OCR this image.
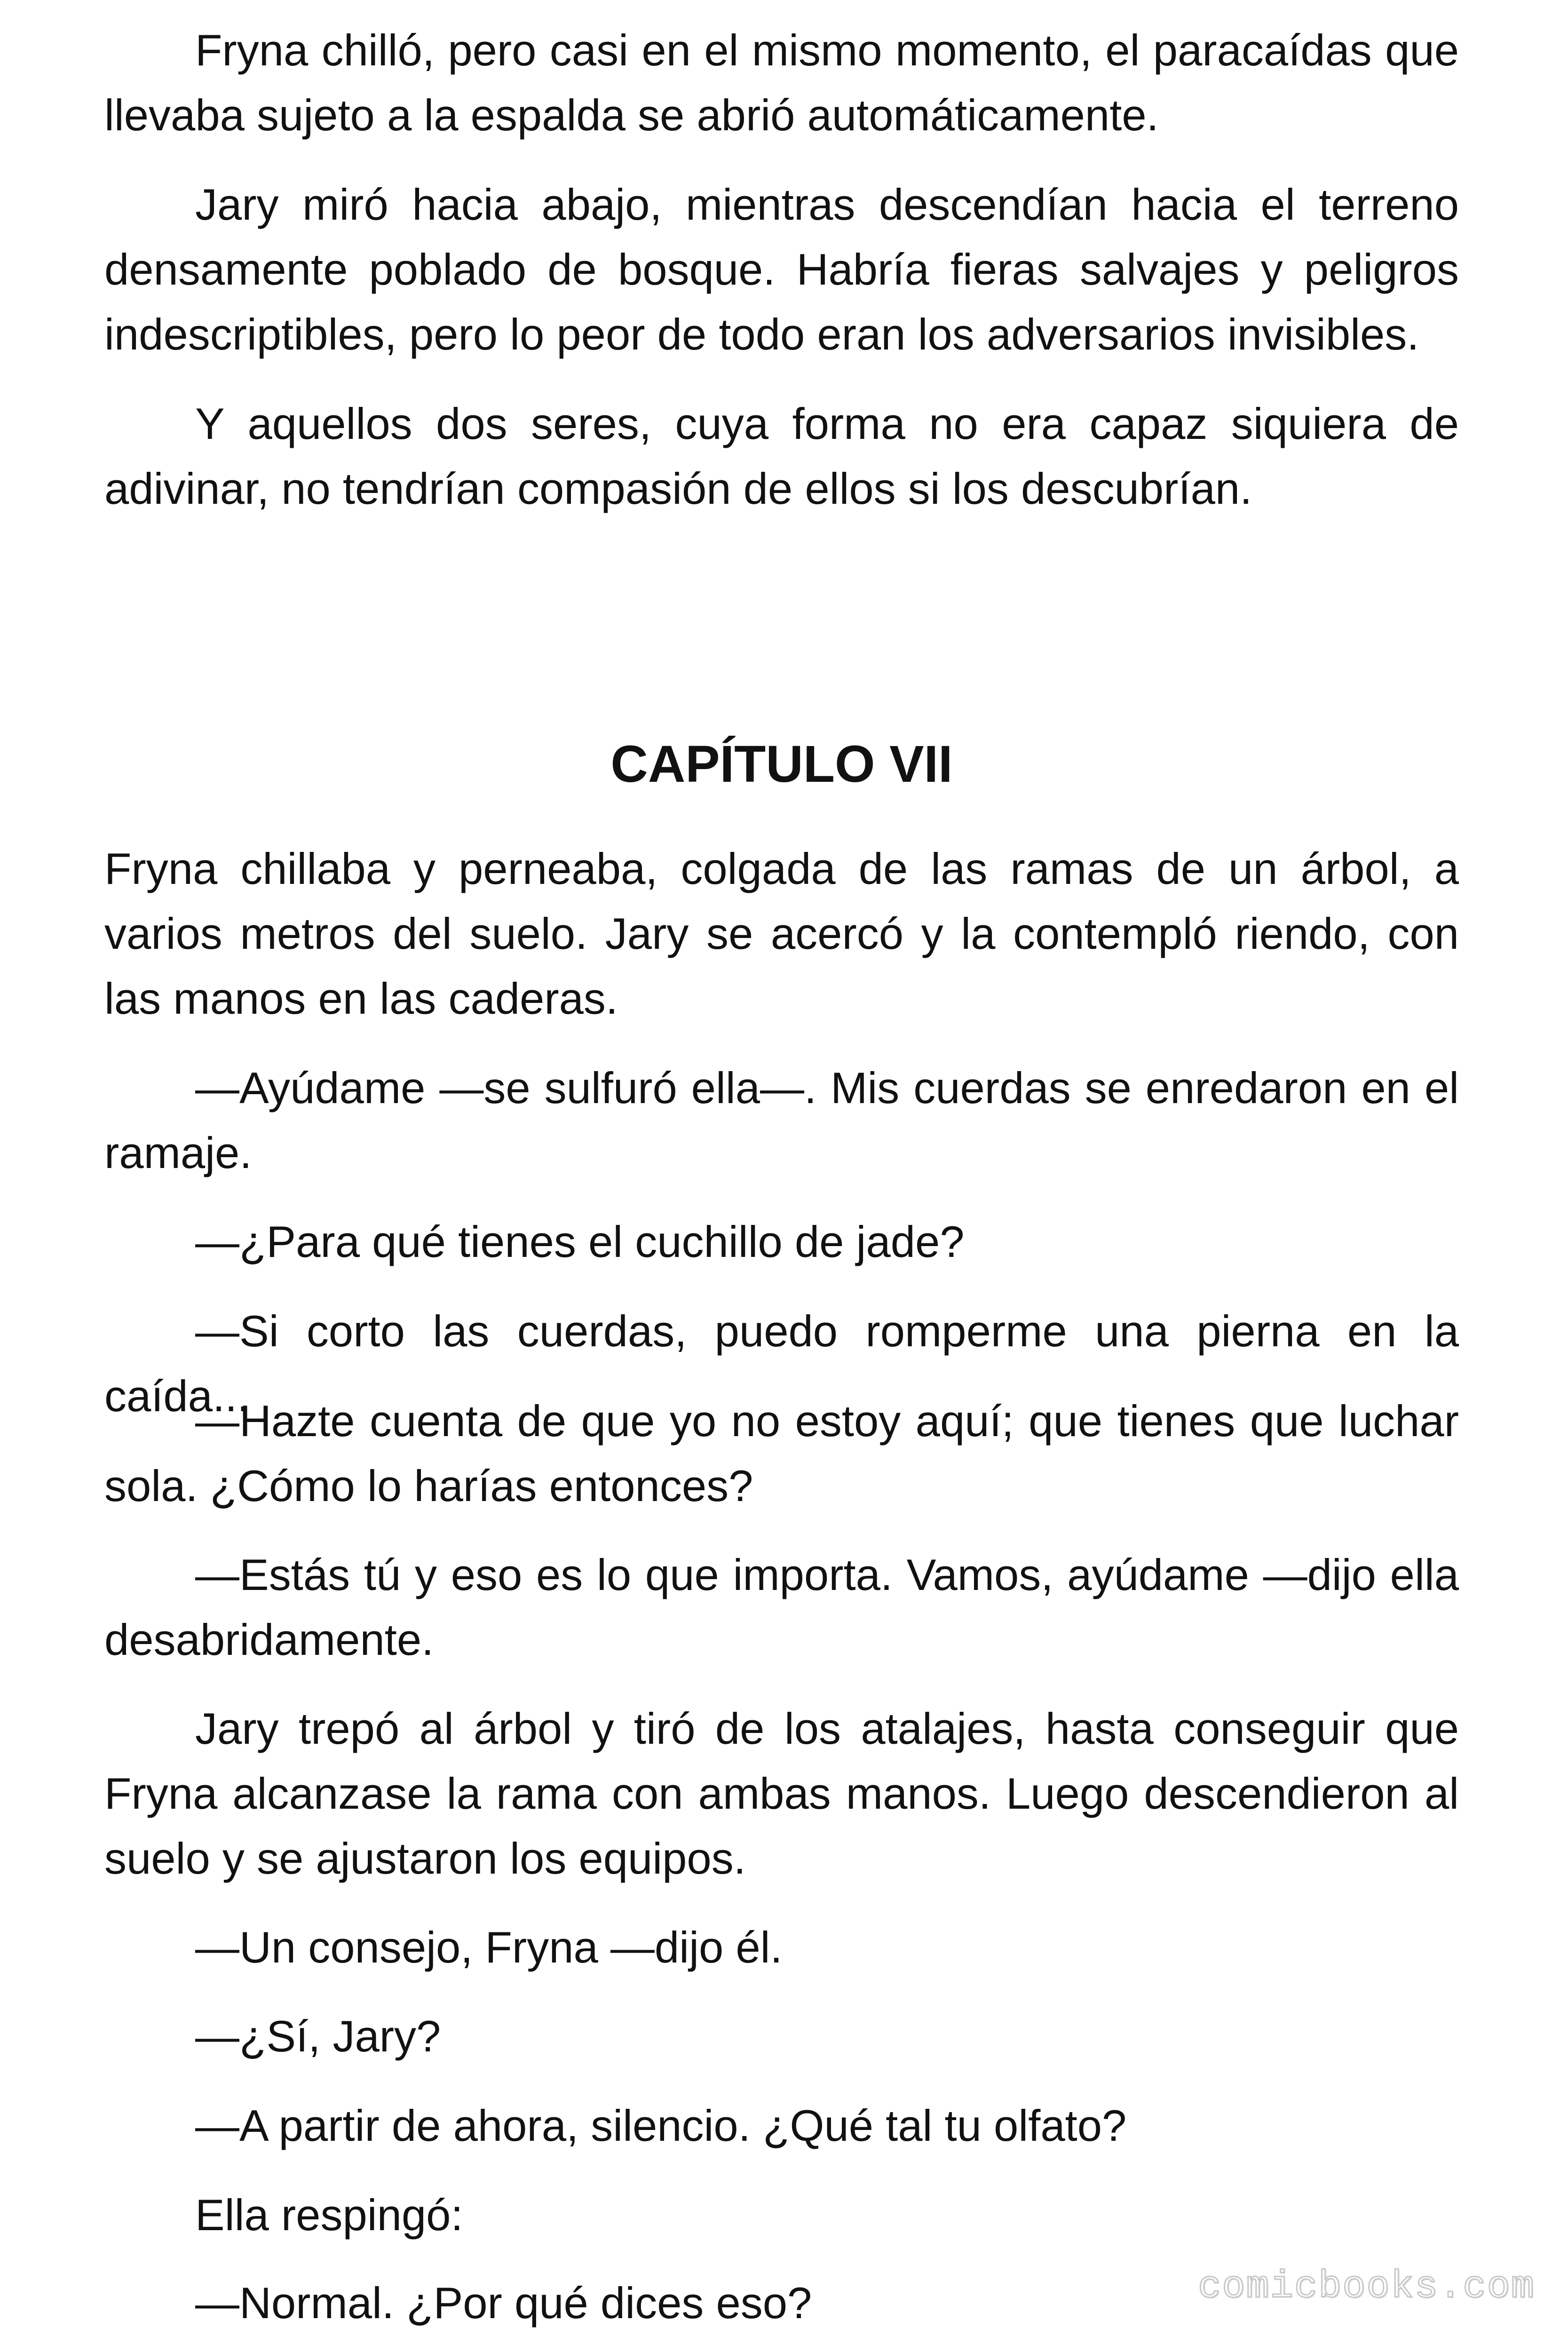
Fryna chilló, pero casi en el mismo momento, el paracaídas que llevaba sujeto a la espalda se abrió automáticamente.

Jary miró hacia abajo, mientras descendían hacia el terreno densamente poblado de bosque. Habría fieras salvajes y peligros indescriptibles, pero lo peor de todo eran los adversarios invisibles.

Y aquellos dos seres, cuya forma no era capaz siquiera de adivinar, no tendrían compasión de ellos si los descubrían.

CAPÍTULO VII

Fryna chillaba y perneaba, colgada de las ramas de un árbol, a varios metros del suelo. Jary se acercó y la contempló riendo, con las manos en las caderas.

—Ayúdame —se sulfuró ella—. Mis cuerdas se enredaron en el ramaje.

—¿Para qué tienes el cuchillo de jade?

—Si corto las cuerdas, puedo romperme una pierna en la caída...

—Hazte cuenta de que yo no estoy aquí; que tienes que luchar sola. ¿Cómo lo harías entonces?

—Estás tú y eso es lo que importa. Vamos, ayúdame —dijo ella desabridamente.

Jary trepó al árbol y tiró de los atalajes, hasta conseguir que Fryna alcanzase la rama con ambas manos. Luego descendieron al suelo y se ajustaron los equipos.

—Un consejo, Fryna —dijo él.

—¿Sí, Jary?

—A partir de ahora, silencio. ¿Qué tal tu olfato?

Ella respingó:

—Normal. ¿Por qué dices eso?	comicbooks.com
